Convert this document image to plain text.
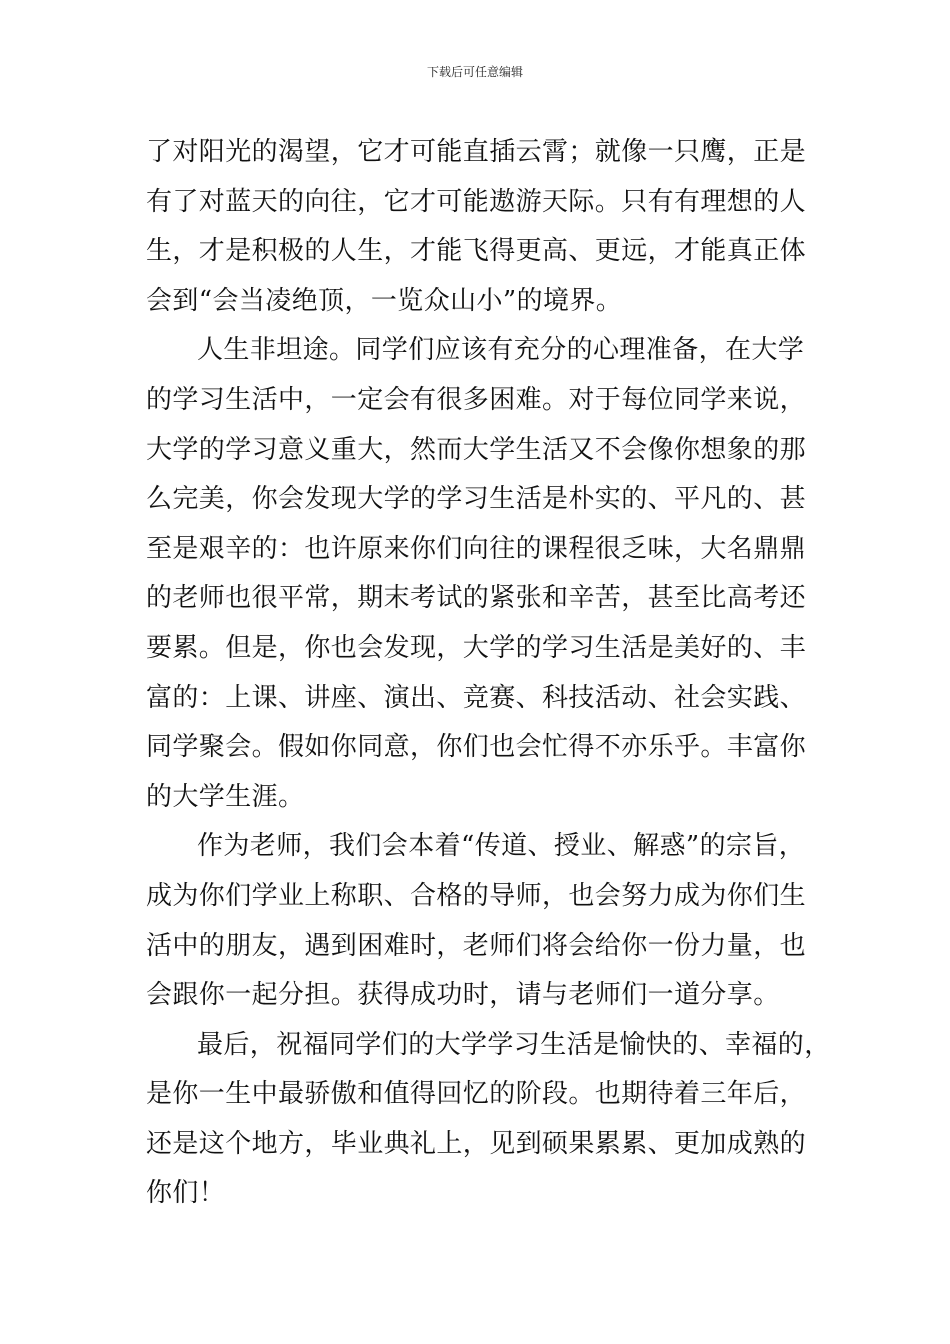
下载后可任意编辑
了对阳光的渴望，它才可能直插云霄；就像一只鹰，正是
有了对蓝天的向往，它才可能遨游天际。只有有理想的人
生，才是积极的人生，才能飞得更高、更远，才能真正体
会到“会当凌绝顶，一览众山小”的境界。
人生非坦途。同学们应该有充分的心理准备，在大学
的学习生活中，一定会有很多困难。对于每位同学来说，
大学的学习意义重大，然而大学生活又不会像你想象的那
么完美，你会发现大学的学习生活是朴实的、平凡的、甚
至是艰辛的：也许原来你们向往的课程很乏味，大名鼎鼎
的老师也很平常，期末考试的紧张和辛苦，甚至比高考还
要累。但是，你也会发现，大学的学习生活是美好的、丰
富的：上课、讲座、演出、竞赛、科技活动、社会实践、
同学聚会。假如你同意，你们也会忙得不亦乐乎。丰富你
的大学生涯。
作为老师，我们会本着“传道、授业、解惑”的宗旨，
成为你们学业上称职、合格的导师，也会努力成为你们生
活中的朋友，遇到困难时，老师们将会给你一份力量，也
会跟你一起分担。获得成功时，请与老师们一道分享。
最后，祝福同学们的大学学习生活是愉快的、幸福的，
是你一生中最骄傲和值得回忆的阶段。也期待着三年后，
还是这个地方，毕业典礼上，见到硕果累累、更加成熟的
你们！
